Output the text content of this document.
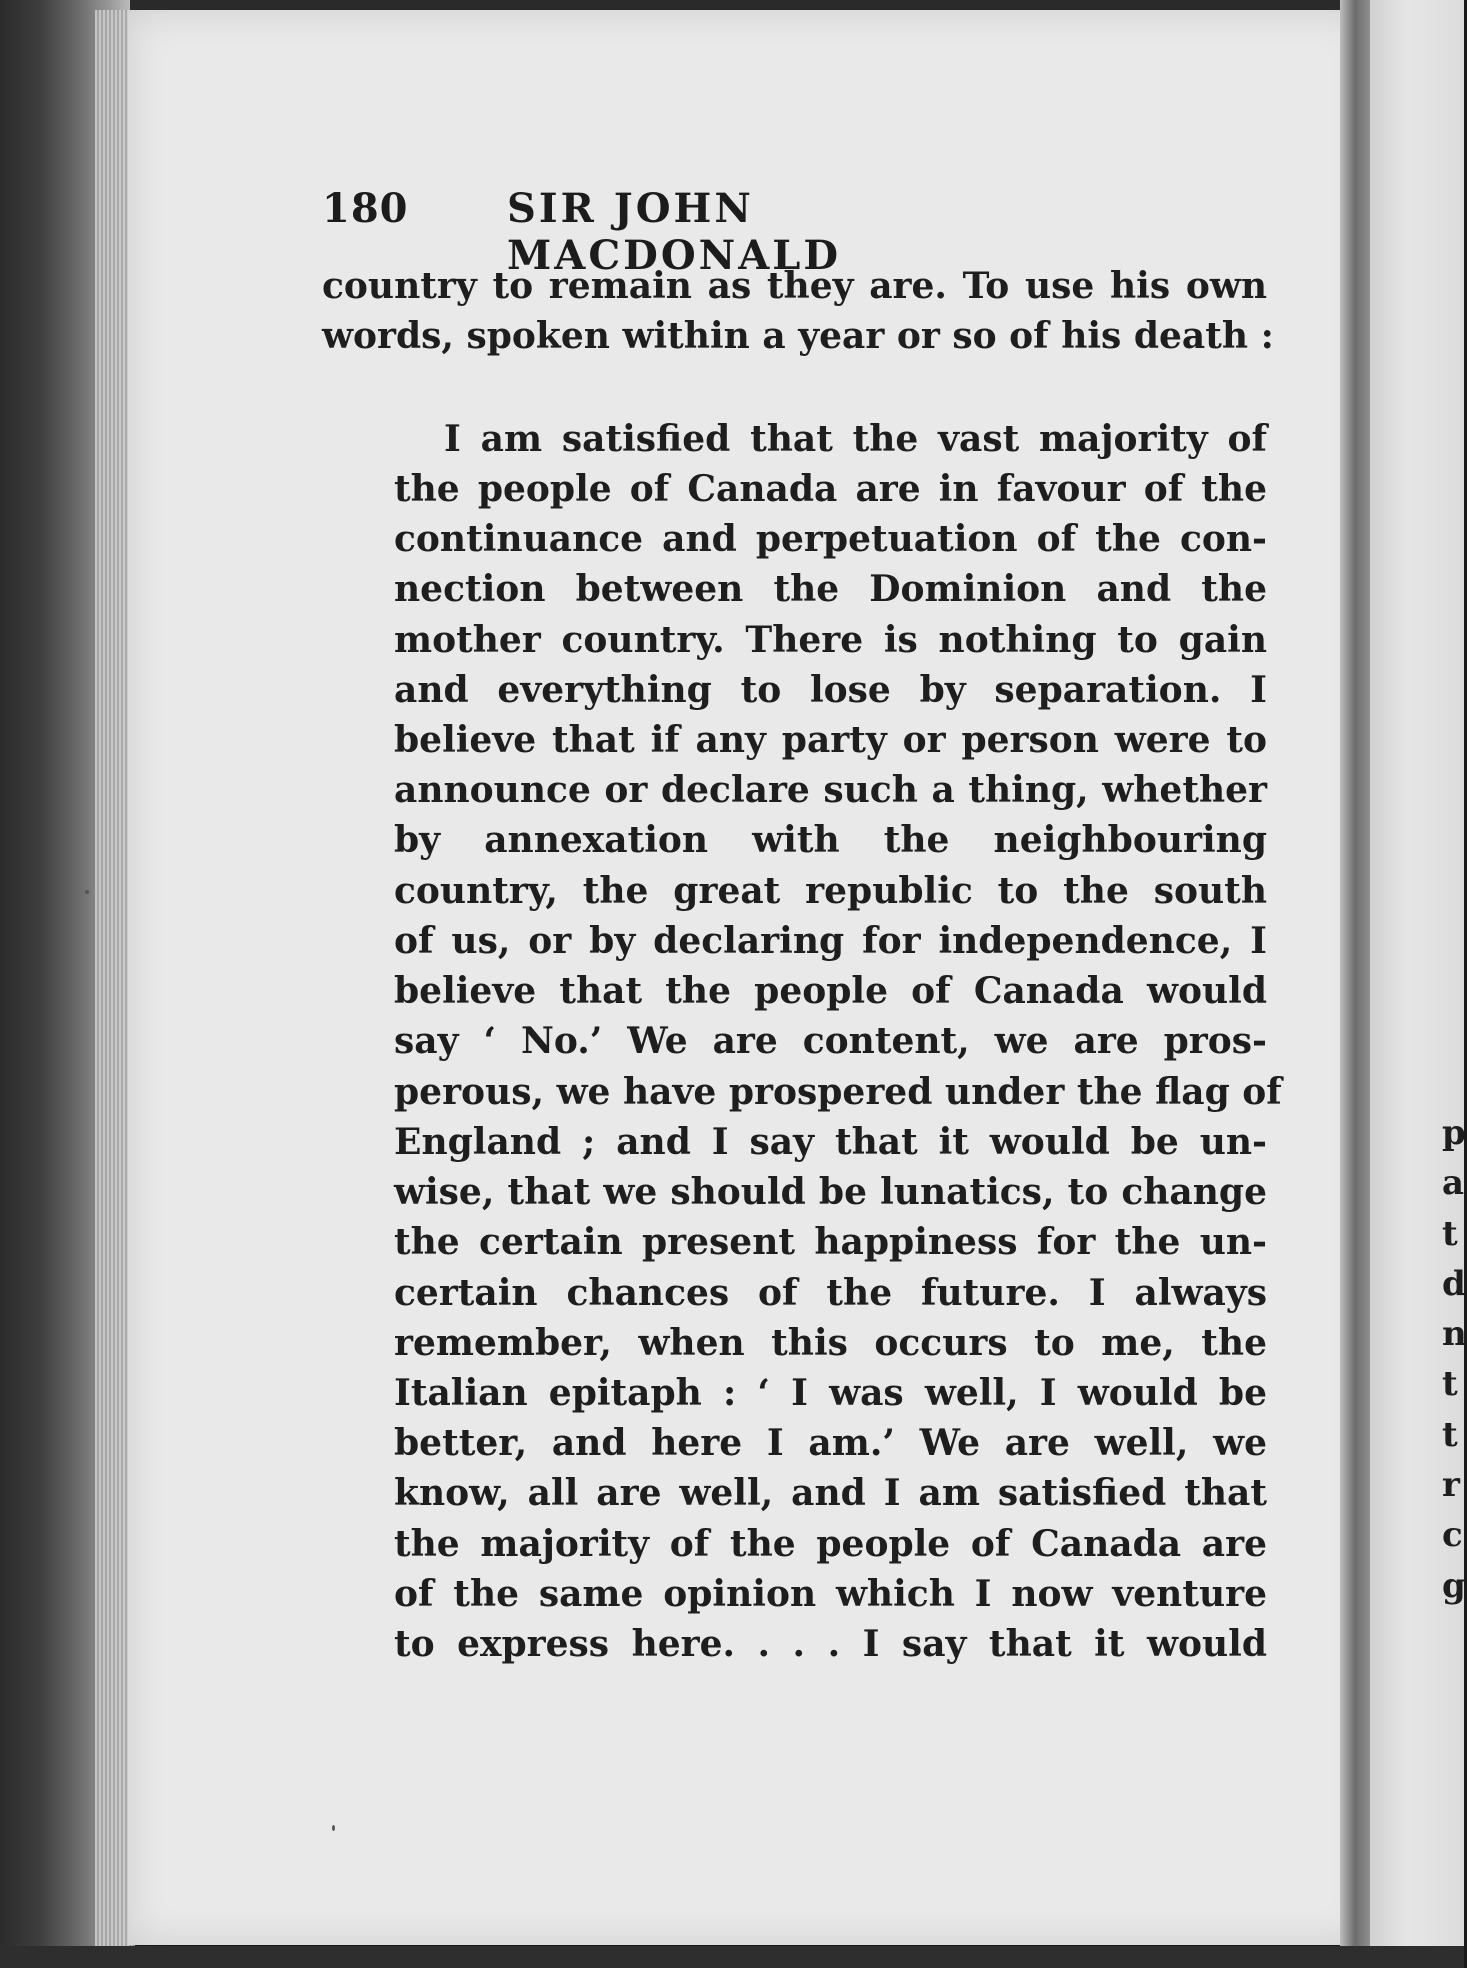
180 SIR JOHN MACDONALD
country to remain as they are. To use his own
words, spoken within a year or so of his death :
I am satisfied that the vast majority of
the people of Canada are in favour of the
continuance and perpetuation of the con-
nection between the Dominion and the
mother country. There is nothing to gain
and everything to lose by separation. I
believe that if any party or person were to
announce or declare such a thing, whether
by annexation with the neighbouring
country, the great republic to the south
of us, or by declaring for independence, I
believe that the people of Canada would
say ‘ No.’ We are content, we are pros-
perous, we have prospered under the flag of
England ; and I say that it would be un-
wise, that we should be lunatics, to change
the certain present happiness for the un-
certain chances of the future. I always
remember, when this occurs to me, the
Italian epitaph : ‘ I was well, I would be
better, and here I am.’ We are well, we
know, all are well, and I am satisfied that
the majority of the people of Canada are
of the same opinion which I now venture
to express here. . . . I say that it would
p
a
t
d
n
t
t
r
c
g
